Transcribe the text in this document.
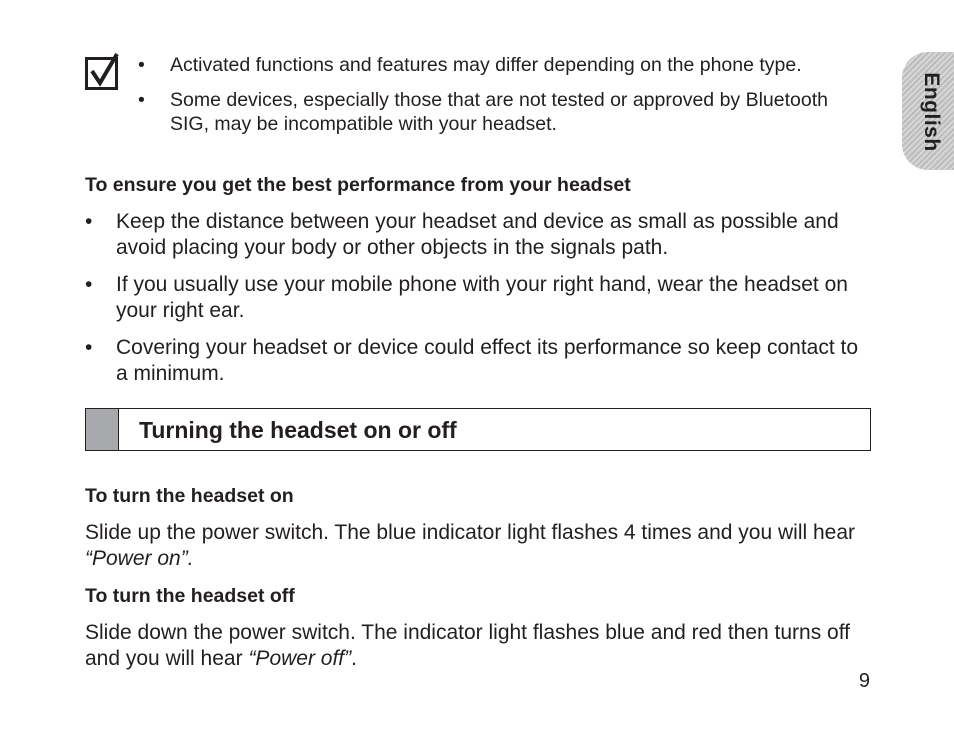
• Activated functions and features may differ depending on the phone type.
• Some devices, especially those that are not tested or approved by Bluetooth SIG, may be incompatible with your headset.	English
To ensure you get the best performance from your headset
• Keep the distance between your headset and device as small as possible and avoid placing your body or other objects in the signals path.
• If you usually use your mobile phone with your right hand, wear the headset on your right ear.
• Covering your headset or device could effect its performance so keep contact to a minimum.
Turning the headset on or off
To turn the headset on

Slide up the power switch. The blue indicator light flashes 4 times and you will hear “Power on”.

To turn the headset off

Slide down the power switch. The indicator light flashes blue and red then turns off and you will hear “Power off”.

9
